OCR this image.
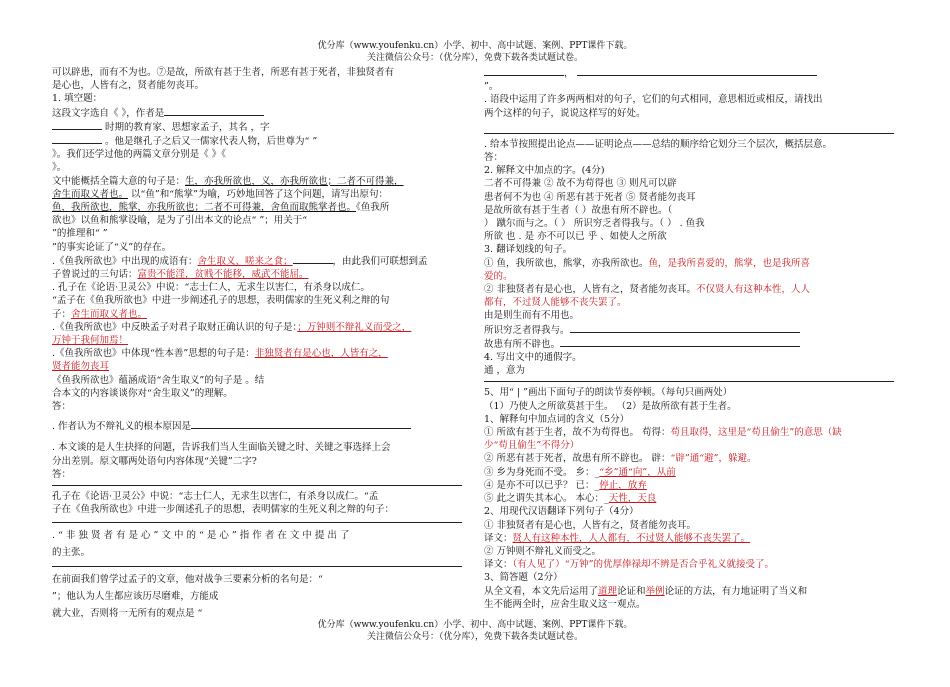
优分库（www.youfenku.cn）小学、初中、高中试题、案例、PPT课件下载。
关注微信公众号：（优分库），免费下载各类试题试卷。
可以辟患，而有不为也。⑦是故，所欲有甚于生者，所恶有甚于死者，非独贤者有
是心也，人皆有之，贤者能勿丧耳。
1. 填空题：
这段文字选自《 》，作者是
时期的教育家、思想家孟子，其名 ，字
。他是继孔子之后又一儒家代表人物，后世尊为“ ”
》。我们还学过他的两篇文章分别是《 》《
》。
文中能概括全篇大意的句子是：生，亦我所欲也，义，亦我所欲也；二者不可得兼，
舍生而取义者也。 以“鱼”和“熊掌”为喻，巧妙地回答了这个问题，请写出原句：
鱼，我所欲也，熊掌，亦我所欲也；二者不可得兼，舍鱼而取熊掌者也。《鱼我所
欲也》以鱼和熊掌设喻，是为了引出本文的论点“ ”；用关于“
”的推理和“ ”
”的事实论证了“义”的存在。
.《鱼我所欲也》中出现的成语有：舍生取义、嗟来之食；	，由此我们可联想到孟
子曾说过的三句话：富贵不能淫，贫贱不能移，威武不能屈。
. 孔子在《论语·卫灵公》中说：“志士仁人，无求生以害仁，有杀身以成仁。
“孟子在《鱼我所欲也》中进一步阐述孔子的思想，表明儒家的生死义利之辩的句
子：舍生而取义者也。
.《鱼我所欲也》中反映孟子对君子取财正确认识的句子是：；万钟则不辩礼义而受之，
万钟于我何加焉！
.《鱼我所欲也》中体现“性本善”思想的句子是：非独贤者有是心也，人皆有之，
贤者能勿丧耳
《鱼我所欲也》蕴涵成语“舍生取义”的句子是 。结
合本文的内容谈谈你对“舍生取义”的理解。
答：
. 作者认为不辩礼义的根本原因是
. 本文谈的是人生抉择的问题，告诉我们当人生面临关键之时、关键之事选择上会
分出差别。原文哪两处语句内容体现“关键”二字?
答：
孔子在《论语·卫灵公》中说：“志士仁人，无求生以害仁，有杀身以成仁。“孟
子在《鱼我所欲也》中进一步阐述孔子的思想，表明儒家的生死义利之辩的句子：
. “ 非 独 贤 者 有 是 心 ” 文 中 的 “ 是 心 ” 指 作 者 在 文 中 提 出 了
的主张。
在前面我们曾学过孟子的文章，他对战争三要素分析的名句是：“
”；他认为人生都应该历尽磨难，方能成
就大业，否则将一无所有的观点是 “
，
”。
. 语段中运用了许多两两相对的句子，它们的句式相同，意思相近或相反，请找出
两个这样的句子，说说这样写的好处。
. 给本节按照提出论点——证明论点——总结的顺序给它划分三个层次，概括层意。
答：
2. 解释文中加点的字。(4分)
二者不可得兼 ② 故不为苟得也 ③ 则凡可以辟
患者何不为也 ④ 所恶有甚于死者 ⑤ 贤者能勿丧耳
是故所欲有甚于生者（ ）故患有所不辟也。（
） 蹴尔而与之。（ ） 所识穷乏者得我与。（ ） . 鱼我
所欲 也 . 是 亦不可以已 乎 、如使人之所欲
3. 翻译划线的句子。
① 鱼，我所欲也，熊掌，亦我所欲也。鱼，是我所喜爱的，熊掌，也是我所喜
爱的。
② 非独贤者有是心也，人皆有之，贤者能勿丧耳。不仅贤人有这种本性，人人
都有，不过贤人能够不丧失罢了。
由是则生而有不用也。
所识穷乏者得我与。
故患有所不辟也。
4. 写出文中的通假字。
通 ，意为
5、用“ | ”画出下面句子的朗读节奏停顿。（每句只画两处）
（1）乃使人之所欲莫甚于生。 （2）是故所欲有甚于生者。
1、解释句中加点词的含义（5分）
① 所欲有甚于生者，故不为苟得也。 苟得：苟且取得，这里是“苟且偷生”的意思（缺
少“苟且偷生”不得分）
② 所恶有甚于死者，故患有所不辟也。 辟：“辟”通“避”，躲避。
③ 乡为身死而不受。 乡：_“乡”通“向”，从前
④ 是亦不可以已乎？ 已：_停止，放弃
⑤ 此之谓失其本心。 本心：_天性，天良
2、用现代汉语翻译下列句子（4分）
① 非独贤者有是心也，人皆有之，贤者能勿丧耳。
译文：贤人有这种本性，人人都有，不过贤人能够不丧失罢了。
② 万钟则不辩礼义而受之。
译文：（有人见了）“万钟”的优厚俸禄却不辨是否合乎礼义就接受了。
3、简答题（2分）
从全文看，本文先后运用了道理论证和举例论证的方法，有力地证明了当义和
生不能两全时，应舍生取义这一观点。
优分库（www.youfenku.cn）小学、初中、高中试题、案例、PPT课件下载。
关注微信公众号：（优分库），免费下载各类试题试卷。
